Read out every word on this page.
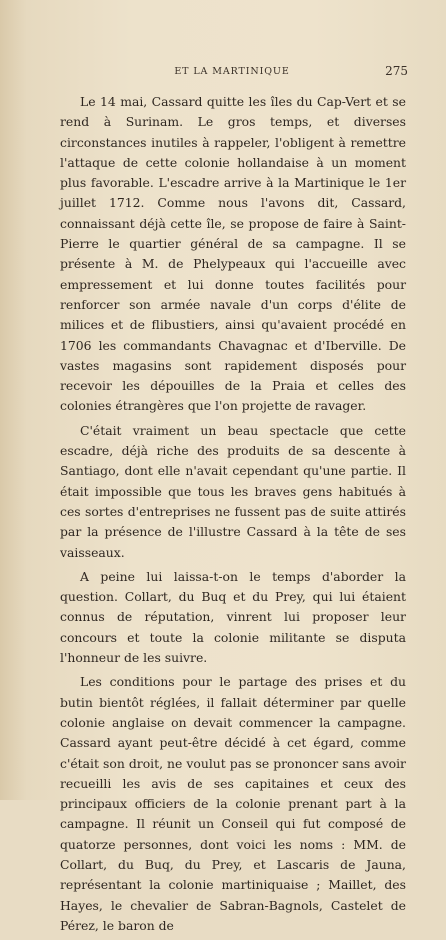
ET LA MARTINIQUE	275

Le 14 mai, Cassard quitte les îles du Cap-Vert et se rend à Surinam. Le gros temps, et diverses circonstances inutiles à rappeler, l'obligent à remettre l'attaque de cette colonie hollandaise à un moment plus favorable. L'escadre arrive à la Martinique le 1er juillet 1712. Comme nous l'avons dit, Cassard, connaissant déjà cette île, se propose de faire à Saint-Pierre le quartier général de sa campagne. Il se présente à M. de Phelypeaux qui l'accueille avec empressement et lui donne toutes facilités pour renforcer son armée navale d'un corps d'élite de milices et de flibustiers, ainsi qu'avaient procédé en 1706 les commandants Chavagnac et d'Iberville. De vastes magasins sont rapidement disposés pour recevoir les dépouilles de la Praia et celles des colonies étrangères que l'on projette de ravager.

C'était vraiment un beau spectacle que cette escadre, déjà riche des produits de sa descente à Santiago, dont elle n'avait cependant qu'une partie. Il était impossible que tous les braves gens habitués à ces sortes d'entreprises ne fussent pas de suite attirés par la présence de l'illustre Cassard à la tête de ses vaisseaux.

A peine lui laissa-t-on le temps d'aborder la question. Collart, du Buq et du Prey, qui lui étaient connus de réputation, vinrent lui proposer leur concours et toute la colonie militante se disputa l'honneur de les suivre.

Les conditions pour le partage des prises et du butin bientôt réglées, il fallait déterminer par quelle colonie anglaise on devait commencer la campagne. Cassard ayant peut-être décidé à cet égard, comme c'était son droit, ne voulut pas se prononcer sans avoir recueilli les avis de ses capitaines et ceux des principaux officiers de la colonie prenant part à la campagne. Il réunit un Conseil qui fut composé de quatorze personnes, dont voici les noms : MM. de Collart, du Buq, du Prey, et Lascaris de Jauna, représentant la colonie martiniquaise ; Maillet, des Hayes, le chevalier de Sabran-Bagnols, Castelet de Pérez, le baron de
